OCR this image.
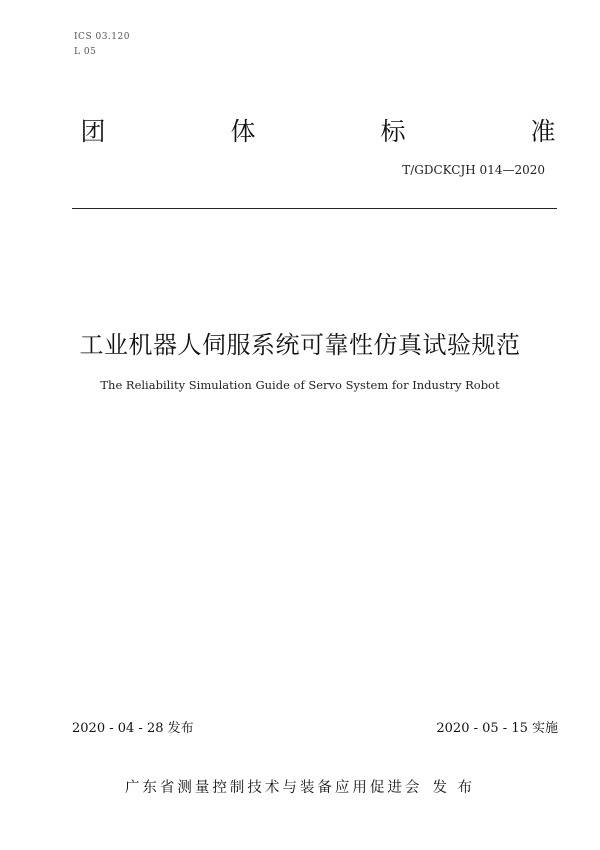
ICS 03.120
L 05
团	体	标	准
T/GDCKCJH 014—2020
工业机器人伺服系统可靠性仿真试验规范
The Reliability Simulation Guide of Servo System for Industry Robot
2020 - 04 - 28 发布	2020 - 05 - 15 实施
广东省测量控制技术与装备应用促进会 发 布
